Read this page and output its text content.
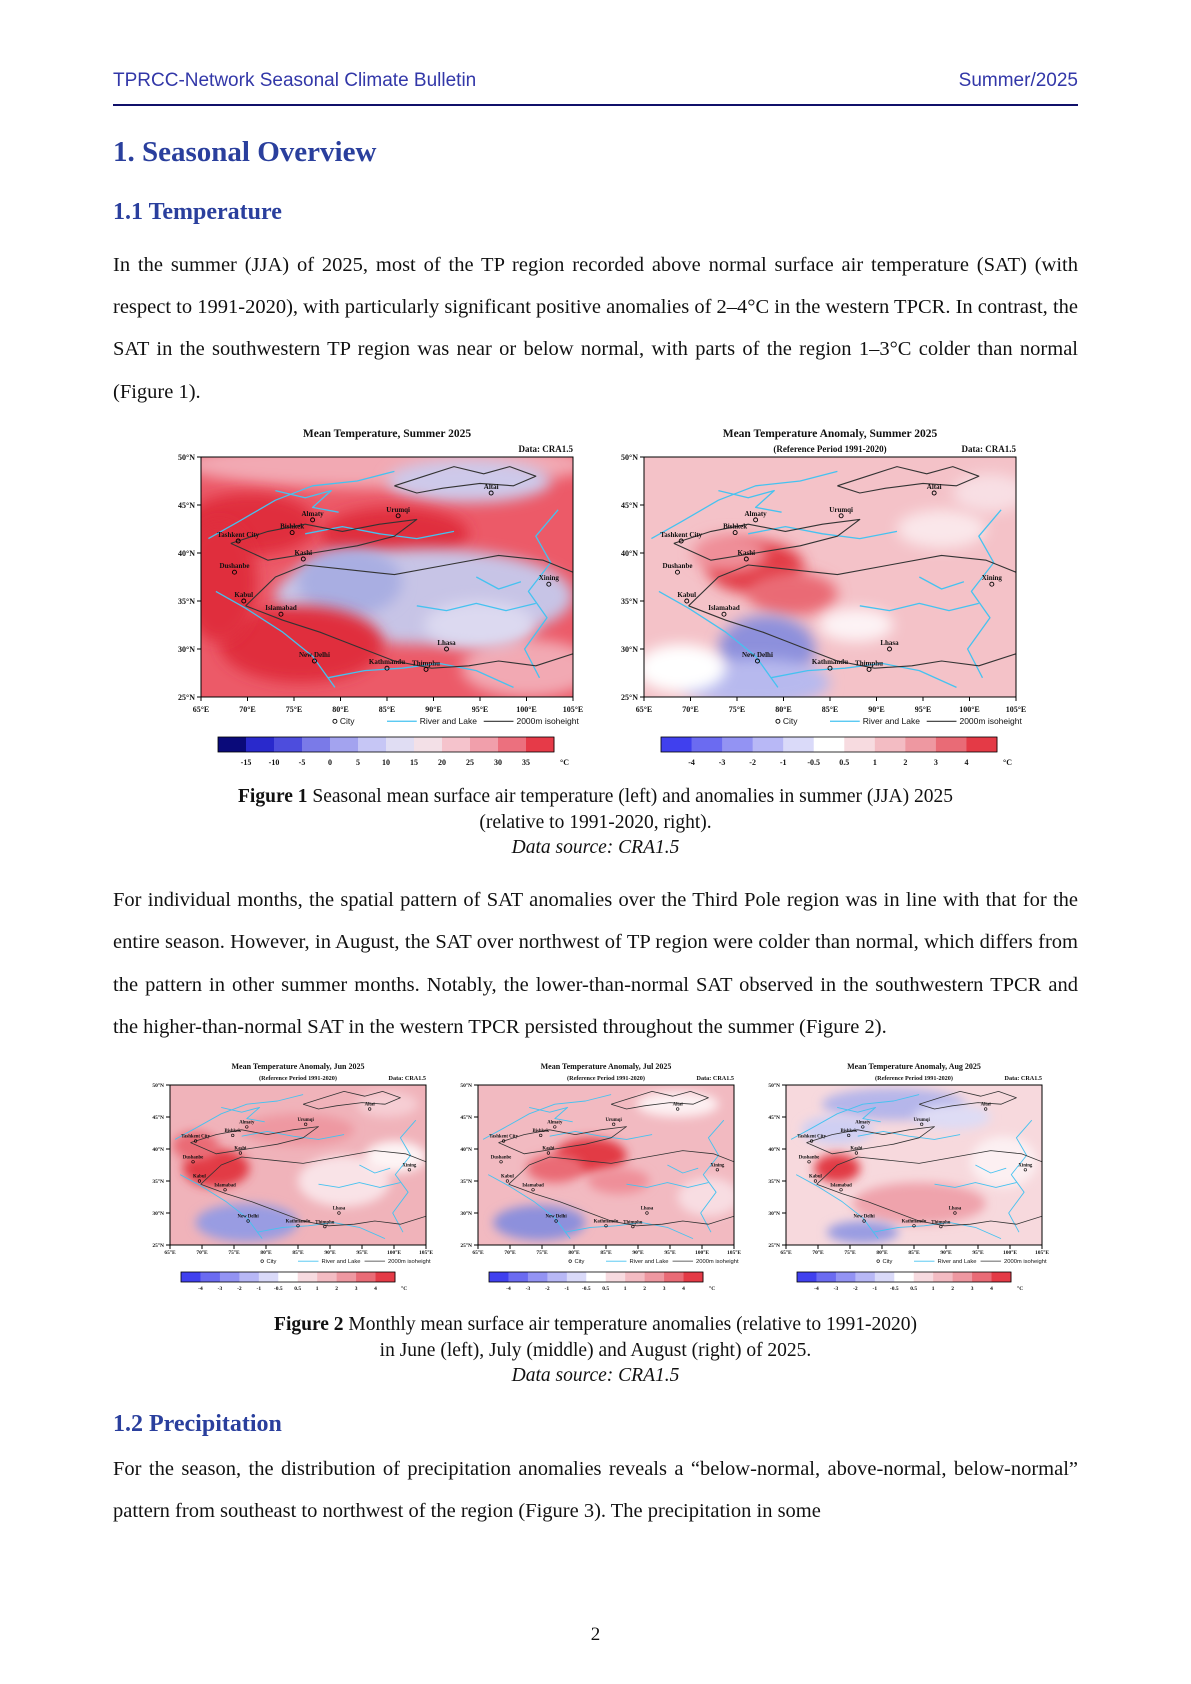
TPRCC-Network Seasonal Climate Bulletin	Summer/2025
1. Seasonal Overview
1.1 Temperature

In the summer (JJA) of 2025, most of the TP region recorded above normal surface air temperature (SAT) (with respect to 1991-2020), with particularly significant positive anomalies of 2–4°C in the western TPCR. In contrast, the SAT in the southwestern TP region was near or below normal, with parts of the region 1–3°C colder than normal (Figure 1).

Mean Temperature, Summer 2025
Data: CRA1.5
Tashkent City
Bishkek
Almaty
Urumqi
Altai
Kashi
Dushanbe
Kabul
Islamabad
New Delhi
Kathmandu Thimphu
Lhasa
Xining
50°N
45°N
40°N
35°N
30°N
25°N
65°E	70°E	75°E	80°E	85°E	90°E	95°E	100°E	105°E
City	River and Lake	2000m isoheight
-15 -10 -5	0	5	10	15	20	25	30	35	°C
Mean Temperature Anomaly, Summer 2025
(Reference Period 1991-2020)	Data: CRA1.5
Tashkent City
Bishkek
Almaty
Urumqi
Altai
Kashi
Dushanbe
Kabul
Islamabad
New Delhi
Kathmandu Thimphu
Lhasa
Xining
50°N
45°N
40°N
35°N
30°N
25°N
65°E	70°E	75°E	80°E	85°E	90°E	95°E	100°E	105°E
City	River and Lake	2000m isoheight
-4	-3	-2	-1	-0.5 0.5	1	2	3	4	°C
Figure 1 Seasonal mean surface air temperature (left) and anomalies in summer (JJA) 2025
(relative to 1991-2020, right).
Data source: CRA1.5

For individual months, the spatial pattern of SAT anomalies over the Third Pole region was in line with that for the entire season. However, in August, the SAT over northwest of TP region were colder than normal, which differs from the pattern in other summer months. Notably, the lower-than-normal SAT observed in the southwestern TPCR and the higher-than-normal SAT in the western TPCR persisted throughout the summer (Figure 2).

Mean Temperature Anomaly, Jun 2025
(Reference Period 1991-2020)	Data: CRA1.5
Tashkent City
Bishkek
Almaty
Urumqi
Altai
Kashi
Dushanbe
Kabul
Islamabad
New Delhi
Kathmandu Thimphu
Lhasa
Xining
50°N
45°N
40°N
35°N
30°N
25°N
65°E	70°E	75°E	80°E	85°E	90°E	95°E	100°E	105°E
City	River and Lake	2000m isoheight
-4	-3	-2	-1 -0.5 0.5	1	2	3	4	°C
Mean Temperature Anomaly, Jul 2025
(Reference Period 1991-2020)	Data: CRA1.5
Tashkent City
Bishkek
Almaty
Urumqi
Altai
Kashi
Dushanbe
Kabul
Islamabad
New Delhi
Kathmandu Thimphu
Lhasa
Xining
50°N
45°N
40°N
35°N
30°N
25°N
65°E	70°E	75°E	80°E	85°E	90°E	95°E	100°E	105°E
City	River and Lake	2000m isoheight
-4	-3	-2	-1 -0.5 0.5	1	2	3	4	°C
Mean Temperature Anomaly, Aug 2025
(Reference Period 1991-2020)	Data: CRA1.5
Tashkent City
Bishkek
Almaty
Urumqi
Altai
Kashi
Dushanbe
Kabul
Islamabad
New Delhi
Kathmandu Thimphu
Lhasa
Xining
50°N
45°N
40°N
35°N
30°N
25°N
65°E	70°E	75°E	80°E	85°E	90°E	95°E	100°E	105°E
City	River and Lake	2000m isoheight
-4	-3	-2	-1 -0.5 0.5	1	2	3	4	°C
Figure 2 Monthly mean surface air temperature anomalies (relative to 1991-2020)
in June (left), July (middle) and August (right) of 2025.
Data source: CRA1.5
1.2 Precipitation

For the season, the distribution of precipitation anomalies reveals a “below-normal, above-normal, below-normal” pattern from southeast to northwest of the region (Figure 3). The precipitation in some

2
